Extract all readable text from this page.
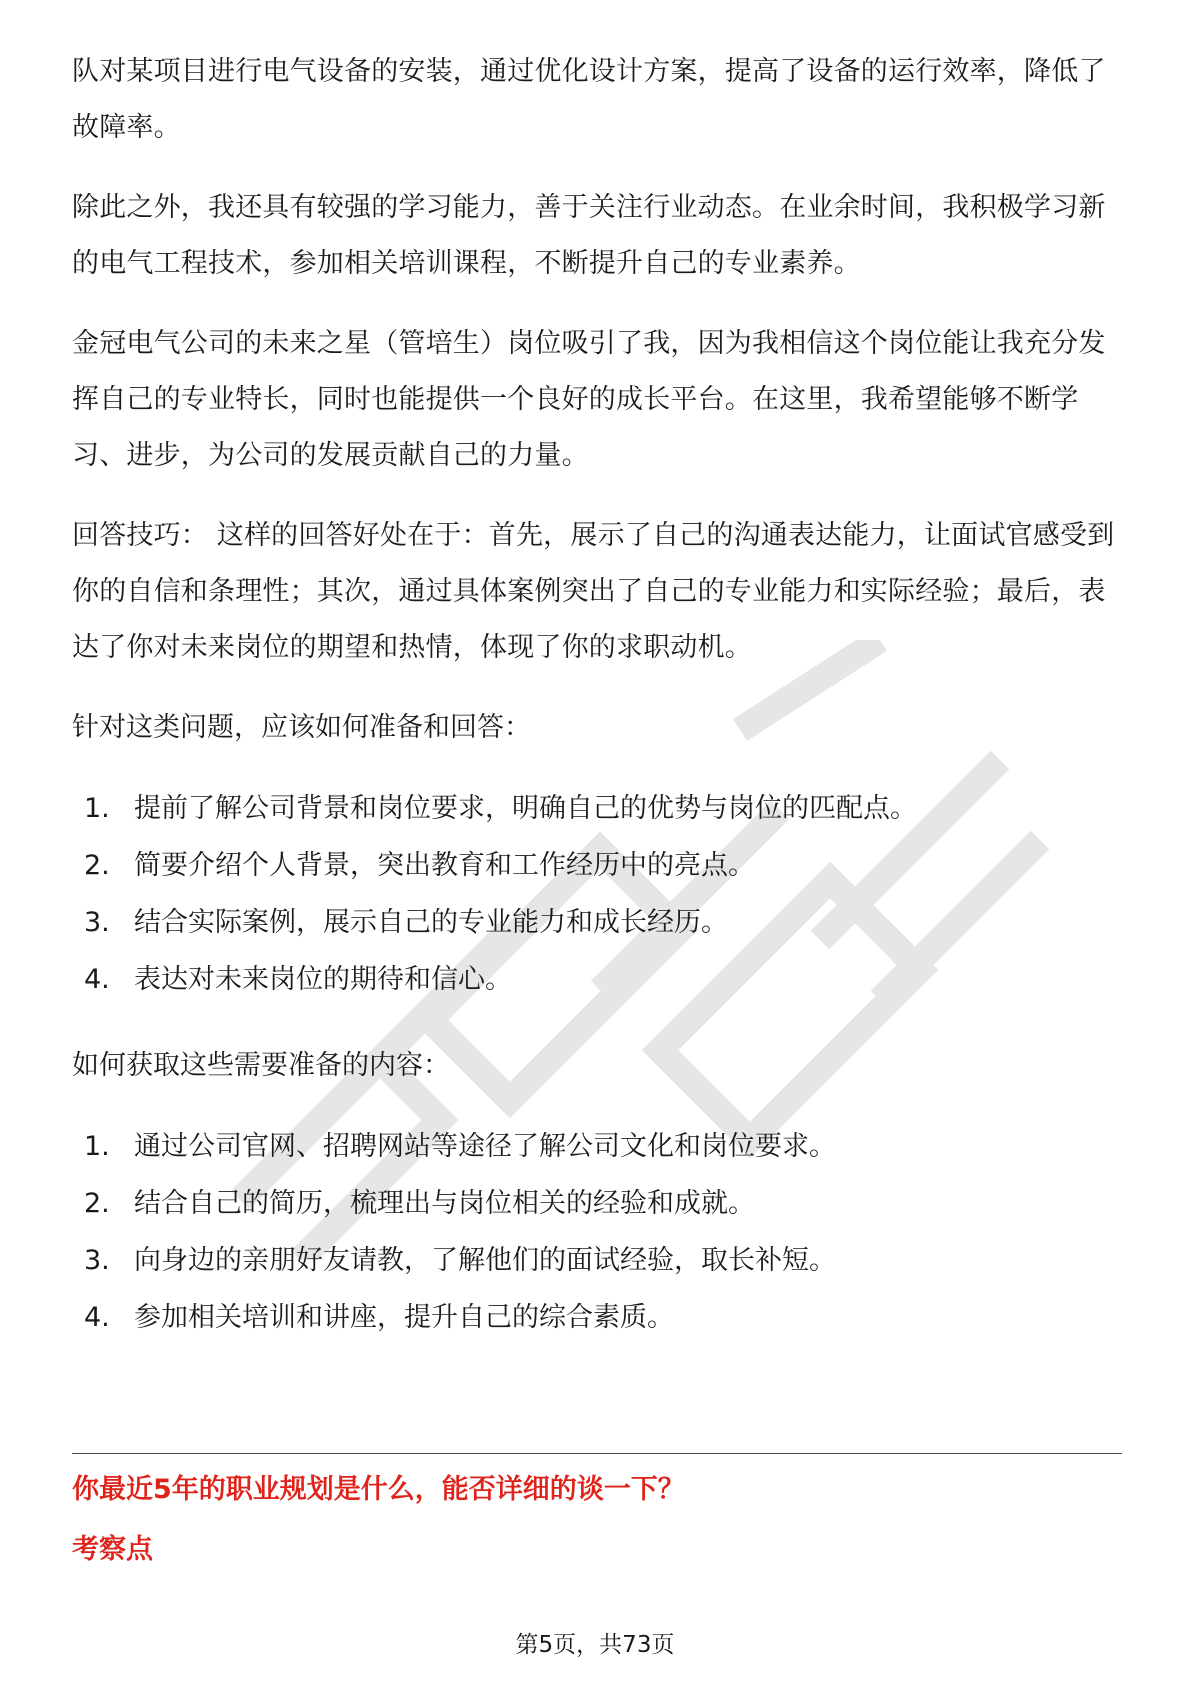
队对某项目进行电气设备的安装，通过优化设计方案，提高了设备的运行效率，降低了故障率。

除此之外，我还具有较强的学习能力，善于关注行业动态。在业余时间，我积极学习新的电气工程技术，参加相关培训课程，不断提升自己的专业素养。

金冠电气公司的未来之星（管培生）岗位吸引了我，因为我相信这个岗位能让我充分发挥自己的专业特长，同时也能提供一个良好的成长平台。在这里，我希望能够不断学习、进步，为公司的发展贡献自己的力量。

回答技巧： 这样的回答好处在于：首先，展示了自己的沟通表达能力，让面试官感受到你的自信和条理性；其次，通过具体案例突出了自己的专业能力和实际经验；最后，表达了你对未来岗位的期望和热情，体现了你的求职动机。

针对这类问题，应该如何准备和回答：

1. 提前了解公司背景和岗位要求，明确自己的优势与岗位的匹配点。
2. 简要介绍个人背景，突出教育和工作经历中的亮点。
3. 结合实际案例，展示自己的专业能力和成长经历。
4. 表达对未来岗位的期待和信心。

如何获取这些需要准备的内容：

1. 通过公司官网、招聘网站等途径了解公司文化和岗位要求。
2. 结合自己的简历，梳理出与岗位相关的经验和成就。
3. 向身边的亲朋好友请教，了解他们的面试经验，取长补短。
4. 参加相关培训和讲座，提升自己的综合素质。
你最近5年的职业规划是什么，能否详细的谈一下？
考察点
第5页，共73页
